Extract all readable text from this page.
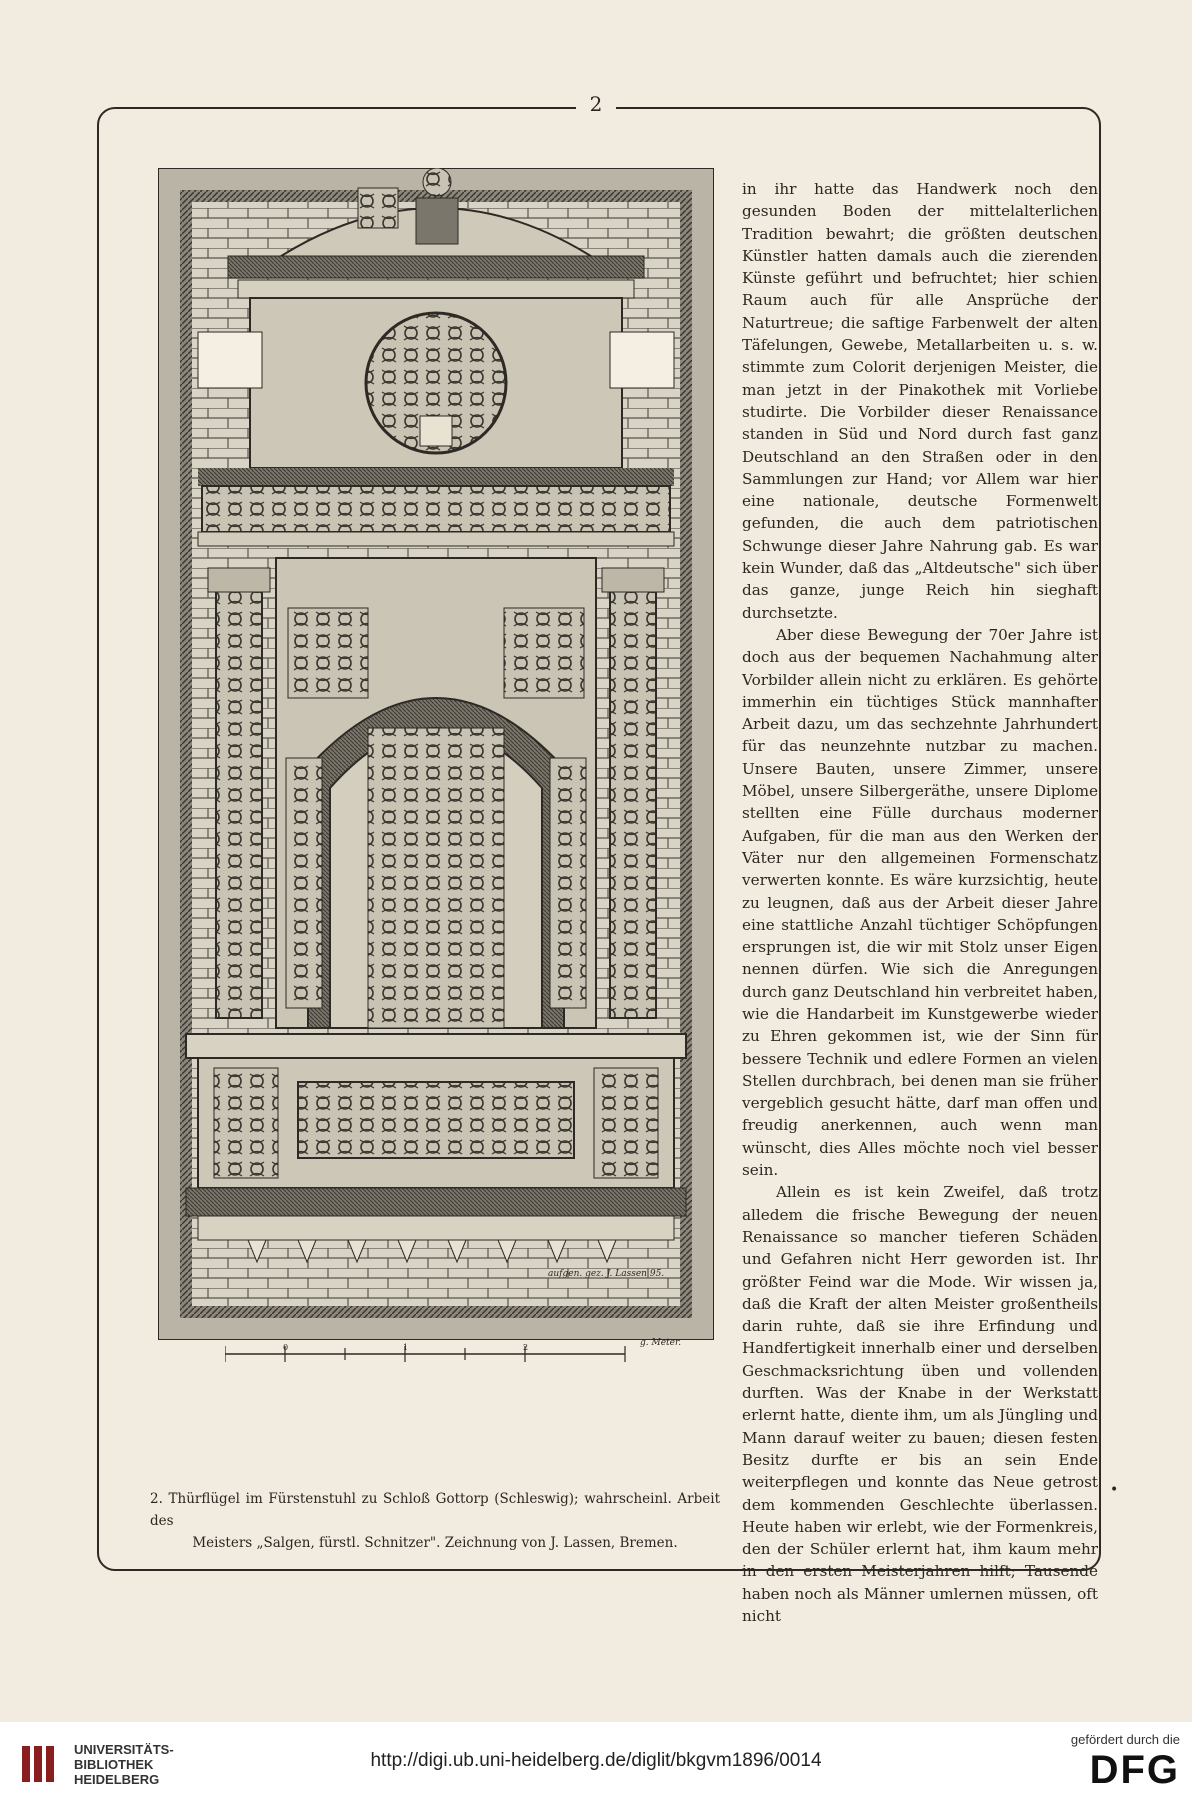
2
aufgen. gez. J. Lassen 95.
0	1	2	g. Meter.
2. Thürflügel im Fürstenstuhl zu Schloß Gottorp (Schleswig); wahrscheinl. Arbeit des
Meisters „Salgen, fürstl. Schnitzer". Zeichnung von J. Lassen, Bremen.

in ihr hatte das Handwerk noch den gesunden Boden der mittelalterlichen Tradition bewahrt; die größten deutschen Künstler hatten damals auch die zierenden Künste geführt und befruchtet; hier schien Raum auch für alle Ansprüche der Naturtreue; die saftige Farbenwelt der alten Täfelungen, Gewebe, Metallarbeiten u. s. w. stimmte zum Colorit derjenigen Meister, die man jetzt in der Pinakothek mit Vorliebe studirte. Die Vorbilder dieser Renaissance standen in Süd und Nord durch fast ganz Deutschland an den Straßen oder in den Sammlungen zur Hand; vor Allem war hier eine nationale, deutsche Formenwelt gefunden, die auch dem patriotischen Schwunge dieser Jahre Nahrung gab. Es war kein Wunder, daß das „Altdeutsche" sich über das ganze, junge Reich hin sieghaft durchsetzte.

Aber diese Bewegung der 70er Jahre ist doch aus der bequemen Nachahmung alter Vorbilder allein nicht zu erklären. Es gehörte immerhin ein tüchtiges Stück mannhafter Arbeit dazu, um das sechzehnte Jahrhundert für das neunzehnte nutzbar zu machen. Unsere Bauten, unsere Zimmer, unsere Möbel, unsere Silbergeräthe, unsere Diplome stellten eine Fülle durchaus moderner Aufgaben, für die man aus den Werken der Väter nur den allgemeinen Formenschatz verwerten konnte. Es wäre kurzsichtig, heute zu leugnen, daß aus der Arbeit dieser Jahre eine stattliche Anzahl tüchtiger Schöpfungen ersprungen ist, die wir mit Stolz unser Eigen nennen dürfen. Wie sich die Anregungen durch ganz Deutschland hin verbreitet haben, wie die Handarbeit im Kunstgewerbe wieder zu Ehren gekommen ist, wie der Sinn für bessere Technik und edlere Formen an vielen Stellen durchbrach, bei denen man sie früher vergeblich gesucht hätte, darf man offen und freudig anerkennen, auch wenn man wünscht, dies Alles möchte noch viel besser sein.

Allein es ist kein Zweifel, daß trotz alledem die frische Bewegung der neuen Renaissance so mancher tieferen Schäden und Gefahren nicht Herr geworden ist. Ihr größter Feind war die Mode. Wir wissen ja, daß die Kraft der alten Meister großentheils darin ruhte, daß sie ihre Erfindung und Handfertigkeit innerhalb einer und derselben Geschmacksrichtung üben und vollenden durften. Was der Knabe in der Werkstatt erlernt hatte, diente ihm, um als Jüngling und Mann darauf weiter zu bauen; diesen festen Besitz durfte er bis an sein Ende weiterpflegen und konnte das Neue getrost dem kommenden Geschlechte überlassen. Heute haben wir erlebt, wie der Formenkreis, den der Schüler erlernt hat, ihm kaum mehr in den ersten Meisterjahren hilft; Tausende haben noch als Männer umlernen müssen, oft nicht

•
UNIVERSITÄTS-
BIBLIOTHEK
HEIDELBERG
http://digi.ub.uni-heidelberg.de/diglit/bkgvm1896/0014
gefördert durch die
DFG
